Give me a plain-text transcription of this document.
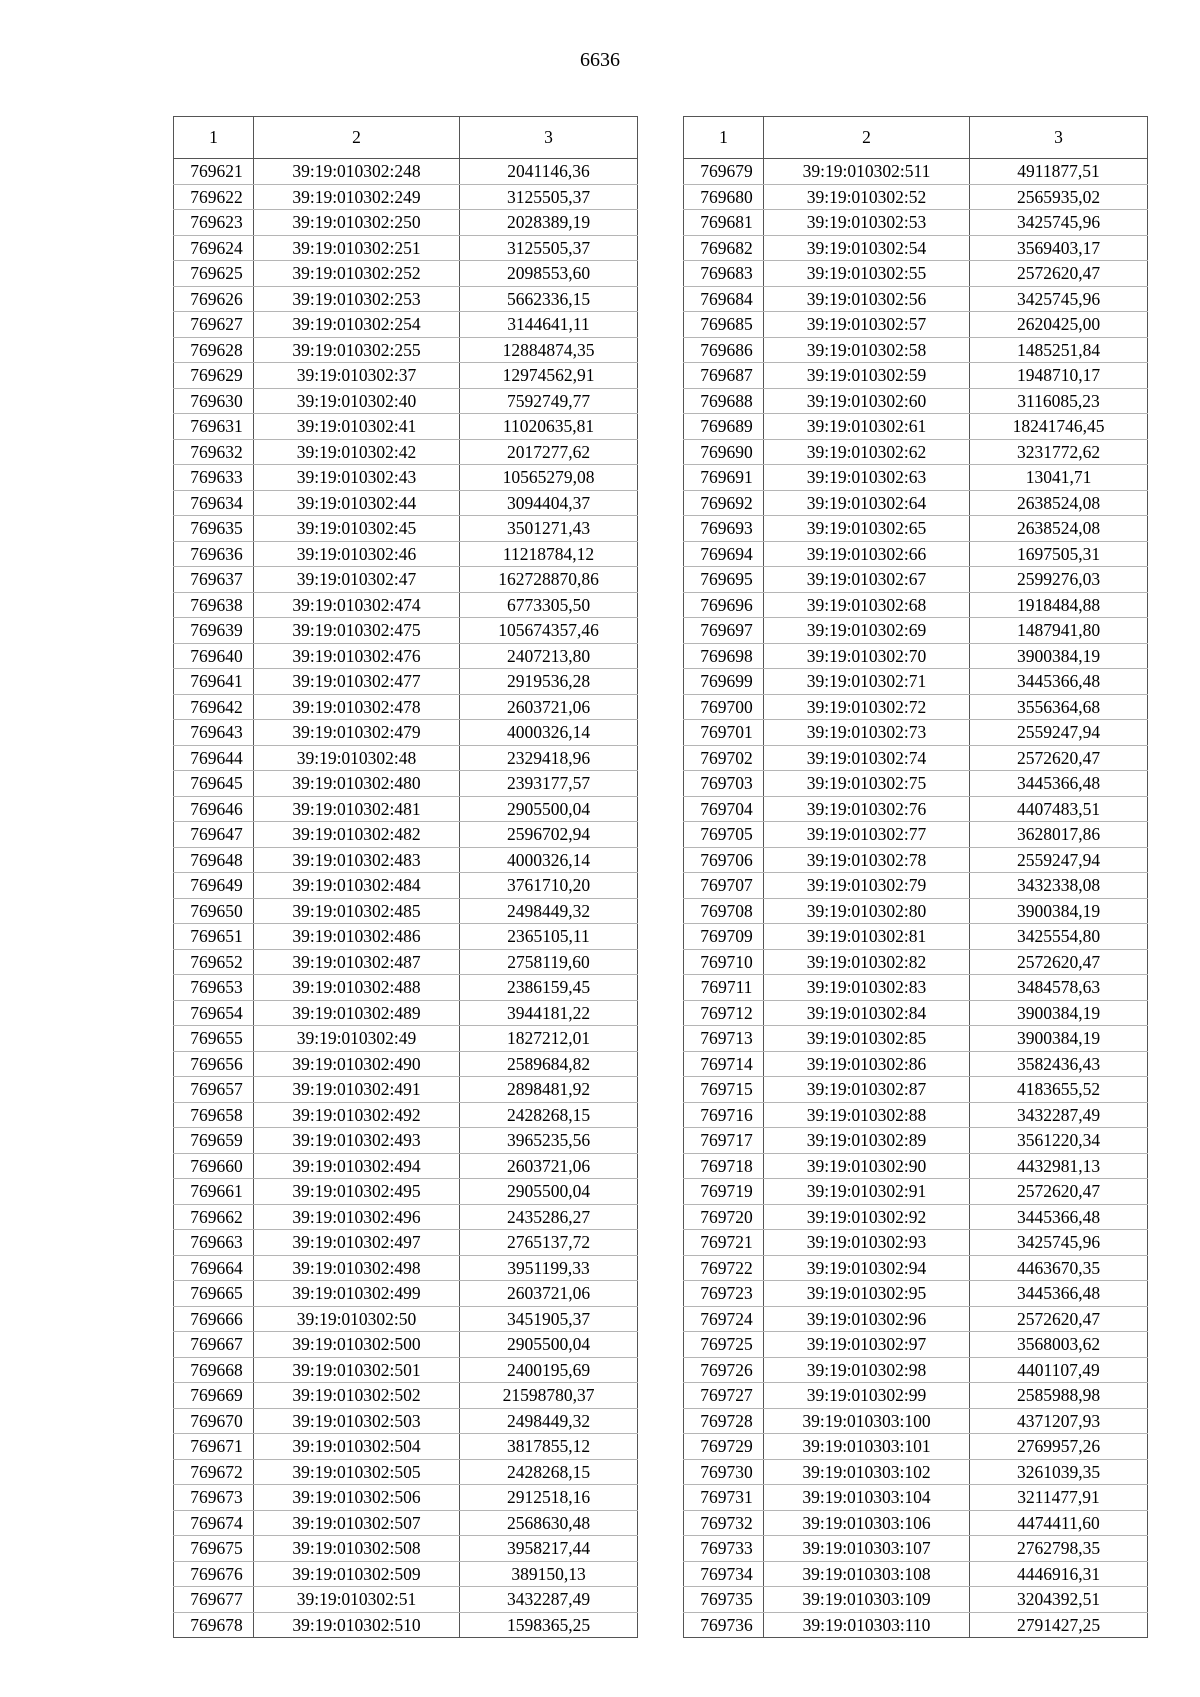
6636
1	2	3
769621	39:19:010302:248	2041146,36
769622	39:19:010302:249	3125505,37
769623	39:19:010302:250	2028389,19
769624	39:19:010302:251	3125505,37
769625	39:19:010302:252	2098553,60
769626	39:19:010302:253	5662336,15
769627	39:19:010302:254	3144641,11
769628	39:19:010302:255	12884874,35
769629	39:19:010302:37	12974562,91
769630	39:19:010302:40	7592749,77
769631	39:19:010302:41	11020635,81
769632	39:19:010302:42	2017277,62
769633	39:19:010302:43	10565279,08
769634	39:19:010302:44	3094404,37
769635	39:19:010302:45	3501271,43
769636	39:19:010302:46	11218784,12
769637	39:19:010302:47	162728870,86
769638	39:19:010302:474	6773305,50
769639	39:19:010302:475	105674357,46
769640	39:19:010302:476	2407213,80
769641	39:19:010302:477	2919536,28
769642	39:19:010302:478	2603721,06
769643	39:19:010302:479	4000326,14
769644	39:19:010302:48	2329418,96
769645	39:19:010302:480	2393177,57
769646	39:19:010302:481	2905500,04
769647	39:19:010302:482	2596702,94
769648	39:19:010302:483	4000326,14
769649	39:19:010302:484	3761710,20
769650	39:19:010302:485	2498449,32
769651	39:19:010302:486	2365105,11
769652	39:19:010302:487	2758119,60
769653	39:19:010302:488	2386159,45
769654	39:19:010302:489	3944181,22
769655	39:19:010302:49	1827212,01
769656	39:19:010302:490	2589684,82
769657	39:19:010302:491	2898481,92
769658	39:19:010302:492	2428268,15
769659	39:19:010302:493	3965235,56
769660	39:19:010302:494	2603721,06
769661	39:19:010302:495	2905500,04
769662	39:19:010302:496	2435286,27
769663	39:19:010302:497	2765137,72
769664	39:19:010302:498	3951199,33
769665	39:19:010302:499	2603721,06
769666	39:19:010302:50	3451905,37
769667	39:19:010302:500	2905500,04
769668	39:19:010302:501	2400195,69
769669	39:19:010302:502	21598780,37
769670	39:19:010302:503	2498449,32
769671	39:19:010302:504	3817855,12
769672	39:19:010302:505	2428268,15
769673	39:19:010302:506	2912518,16
769674	39:19:010302:507	2568630,48
769675	39:19:010302:508	3958217,44
769676	39:19:010302:509	389150,13
769677	39:19:010302:51	3432287,49
769678	39:19:010302:510	1598365,25
1	2	3
769679	39:19:010302:511	4911877,51
769680	39:19:010302:52	2565935,02
769681	39:19:010302:53	3425745,96
769682	39:19:010302:54	3569403,17
769683	39:19:010302:55	2572620,47
769684	39:19:010302:56	3425745,96
769685	39:19:010302:57	2620425,00
769686	39:19:010302:58	1485251,84
769687	39:19:010302:59	1948710,17
769688	39:19:010302:60	3116085,23
769689	39:19:010302:61	18241746,45
769690	39:19:010302:62	3231772,62
769691	39:19:010302:63	13041,71
769692	39:19:010302:64	2638524,08
769693	39:19:010302:65	2638524,08
769694	39:19:010302:66	1697505,31
769695	39:19:010302:67	2599276,03
769696	39:19:010302:68	1918484,88
769697	39:19:010302:69	1487941,80
769698	39:19:010302:70	3900384,19
769699	39:19:010302:71	3445366,48
769700	39:19:010302:72	3556364,68
769701	39:19:010302:73	2559247,94
769702	39:19:010302:74	2572620,47
769703	39:19:010302:75	3445366,48
769704	39:19:010302:76	4407483,51
769705	39:19:010302:77	3628017,86
769706	39:19:010302:78	2559247,94
769707	39:19:010302:79	3432338,08
769708	39:19:010302:80	3900384,19
769709	39:19:010302:81	3425554,80
769710	39:19:010302:82	2572620,47
769711	39:19:010302:83	3484578,63
769712	39:19:010302:84	3900384,19
769713	39:19:010302:85	3900384,19
769714	39:19:010302:86	3582436,43
769715	39:19:010302:87	4183655,52
769716	39:19:010302:88	3432287,49
769717	39:19:010302:89	3561220,34
769718	39:19:010302:90	4432981,13
769719	39:19:010302:91	2572620,47
769720	39:19:010302:92	3445366,48
769721	39:19:010302:93	3425745,96
769722	39:19:010302:94	4463670,35
769723	39:19:010302:95	3445366,48
769724	39:19:010302:96	2572620,47
769725	39:19:010302:97	3568003,62
769726	39:19:010302:98	4401107,49
769727	39:19:010302:99	2585988,98
769728	39:19:010303:100	4371207,93
769729	39:19:010303:101	2769957,26
769730	39:19:010303:102	3261039,35
769731	39:19:010303:104	3211477,91
769732	39:19:010303:106	4474411,60
769733	39:19:010303:107	2762798,35
769734	39:19:010303:108	4446916,31
769735	39:19:010303:109	3204392,51
769736	39:19:010303:110	2791427,25
